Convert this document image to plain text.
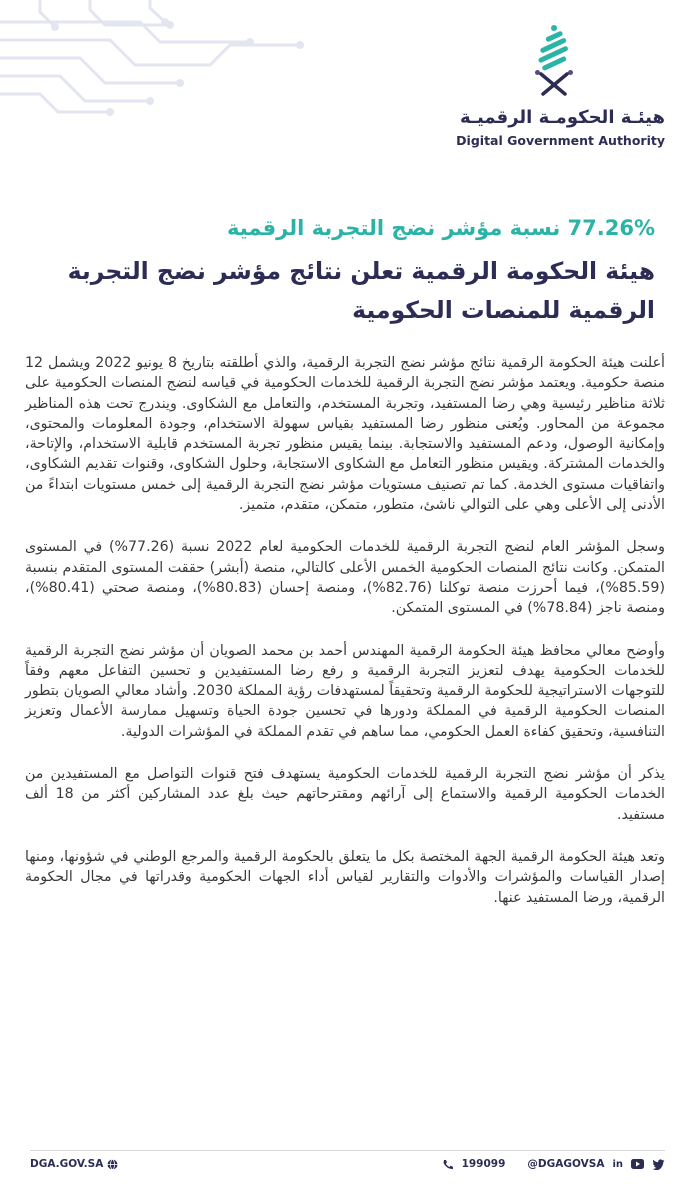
هيئـة الحكومـة الرقميـة
Digital Government Authority
77.26% نسبة مؤشر نضج التجربة الرقمية
هيئة الحكومة الرقمية تعلن نتائج مؤشر نضج التجربة الرقمية للمنصات الحكومية

أعلنت هيئة الحكومة الرقمية نتائج مؤشر نضج التجربة الرقمية، والذي أطلقته بتاريخ 8 يونيو 2022 ويشمل 12 منصة حكومية. ويعتمد مؤشر نضج التجربة الرقمية للخدمات الحكومية في قياسه لنضج المنصات الحكومية على ثلاثة مناظير رئيسية وهي رضا المستفيد، وتجربة المستخدم، والتعامل مع الشكاوى. ويندرج تحت هذه المناظير مجموعة من المحاور. ويُعنى منظور رضا المستفيد بقياس سهولة الاستخدام، وجودة المعلومات والمحتوى، وإمكانية الوصول، ودعم المستفيد والاستجابة. بينما يقيس منظور تجربة المستخدم قابلية الاستخدام، والإتاحة، والخدمات المشتركة. ويقيس منظور التعامل مع الشكاوى الاستجابة، وحلول الشكاوى، وقنوات تقديم الشكاوى، واتفاقيات مستوى الخدمة. كما تم تصنيف مستويات مؤشر نضج التجربة الرقمية إلى خمس مستويات ابتداءً من الأدنى إلى الأعلى وهي على التوالي ناشئ، متطور، متمكن، متقدم، متميز.

وسجل المؤشر العام لنضج التجربة الرقمية للخدمات الحكومية لعام 2022 نسبة (77.26%) في المستوى المتمكن. وكانت نتائج المنصات الحكومية الخمس الأعلى كالتالي، منصة (أبشر) حققت المستوى المتقدم بنسبة (85.59%)، فيما أحرزت منصة توكلنا (82.76%)، ومنصة إحسان (80.83%)، ومنصة صحتي (80.41%)، ومنصة ناجز (78.84%) في المستوى المتمكن.

وأوضح معالي محافظ هيئة الحكومة الرقمية المهندس أحمد بن محمد الصويان أن مؤشر نضج التجربة الرقمية للخدمات الحكومية يهدف لتعزيز التجربة الرقمية و رفع رضا المستفيدين و تحسين التفاعل معهم وفقاً للتوجهات الاستراتيجية للحكومة الرقمية وتحقيقاً لمستهدفات رؤية المملكة 2030. وأشاد معالي الصويان بتطور المنصات الحكومية الرقمية في المملكة ودورها في تحسين جودة الحياة وتسهيل ممارسة الأعمال وتعزيز التنافسية، وتحقيق كفاءة العمل الحكومي، مما ساهم في تقدم المملكة في المؤشرات الدولية.

يذكر أن مؤشر نضج التجربة الرقمية للخدمات الحكومية يستهدف فتح قنوات التواصل مع المستفيدين من الخدمات الحكومية الرقمية والاستماع إلى آرائهم ومقترحاتهم حيث بلغ عدد المشاركين أكثر من 18 ألف مستفيد.

وتعد هيئة الحكومة الرقمية الجهة المختصة بكل ما يتعلق بالحكومة الرقمية والمرجع الوطني في شؤونها، ومنها إصدار القياسات والمؤشرات والأدوات والتقارير لقياس أداء الجهات الحكومية وقدراتها في مجال الحكومة الرقمية، ورضا المستفيد عنها.

199099 @DGAGOVSA in
DGA.GOV.SA
